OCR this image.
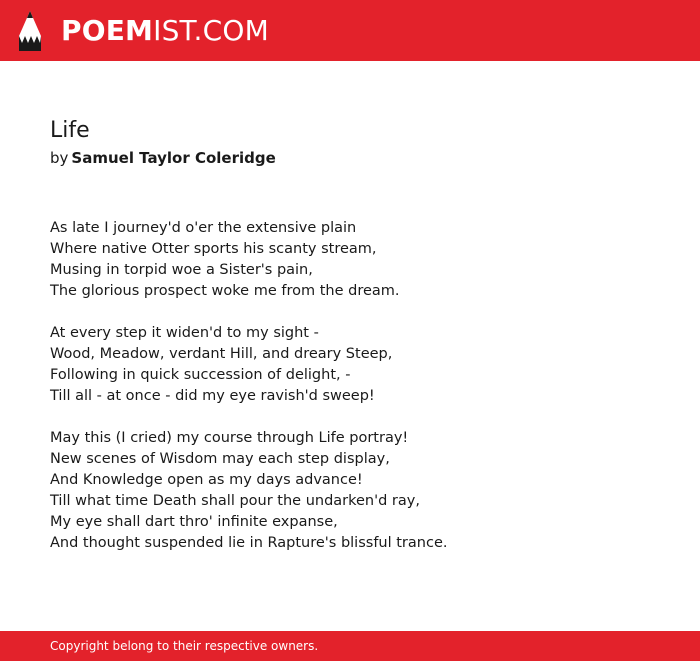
POEMIST.COM
Life
by Samuel Taylor Coleridge
As late I journey'd o'er the extensive plain
Where native Otter sports his scanty stream,
Musing in torpid woe a Sister's pain,
The glorious prospect woke me from the dream.
At every step it widen'd to my sight -
Wood, Meadow, verdant Hill, and dreary Steep,
Following in quick succession of delight, -
Till all - at once - did my eye ravish'd sweep!
May this (I cried) my course through Life portray!
New scenes of Wisdom may each step display,
And Knowledge open as my days advance!
Till what time Death shall pour the undarken'd ray,
My eye shall dart thro' infinite expanse,
And thought suspended lie in Rapture's blissful trance.
Copyright belong to their respective owners.
